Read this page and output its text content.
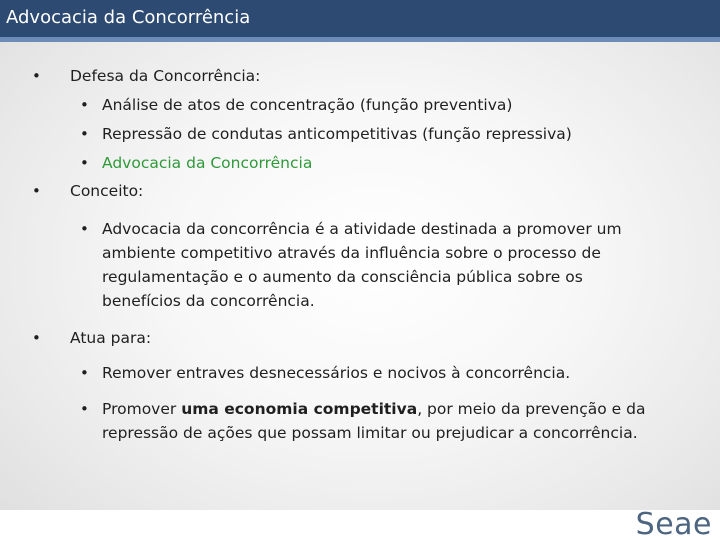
Advocacia da Concorrência
• Defesa da Concorrência:
• Análise de atos de concentração (função preventiva)
• Repressão de condutas anticompetitivas (função repressiva)
• Advocacia da Concorrência
• Conceito:
• Advocacia da concorrência é a atividade destinada a promover um
ambiente competitivo através da influência sobre o processo de
regulamentação e o aumento da consciência pública sobre os
benefícios da concorrência.
• Atua para:
• Remover entraves desnecessários e nocivos à concorrência.
• Promover uma economia competitiva, por meio da prevenção e da
repressão de ações que possam limitar ou prejudicar a concorrência.
Seae
